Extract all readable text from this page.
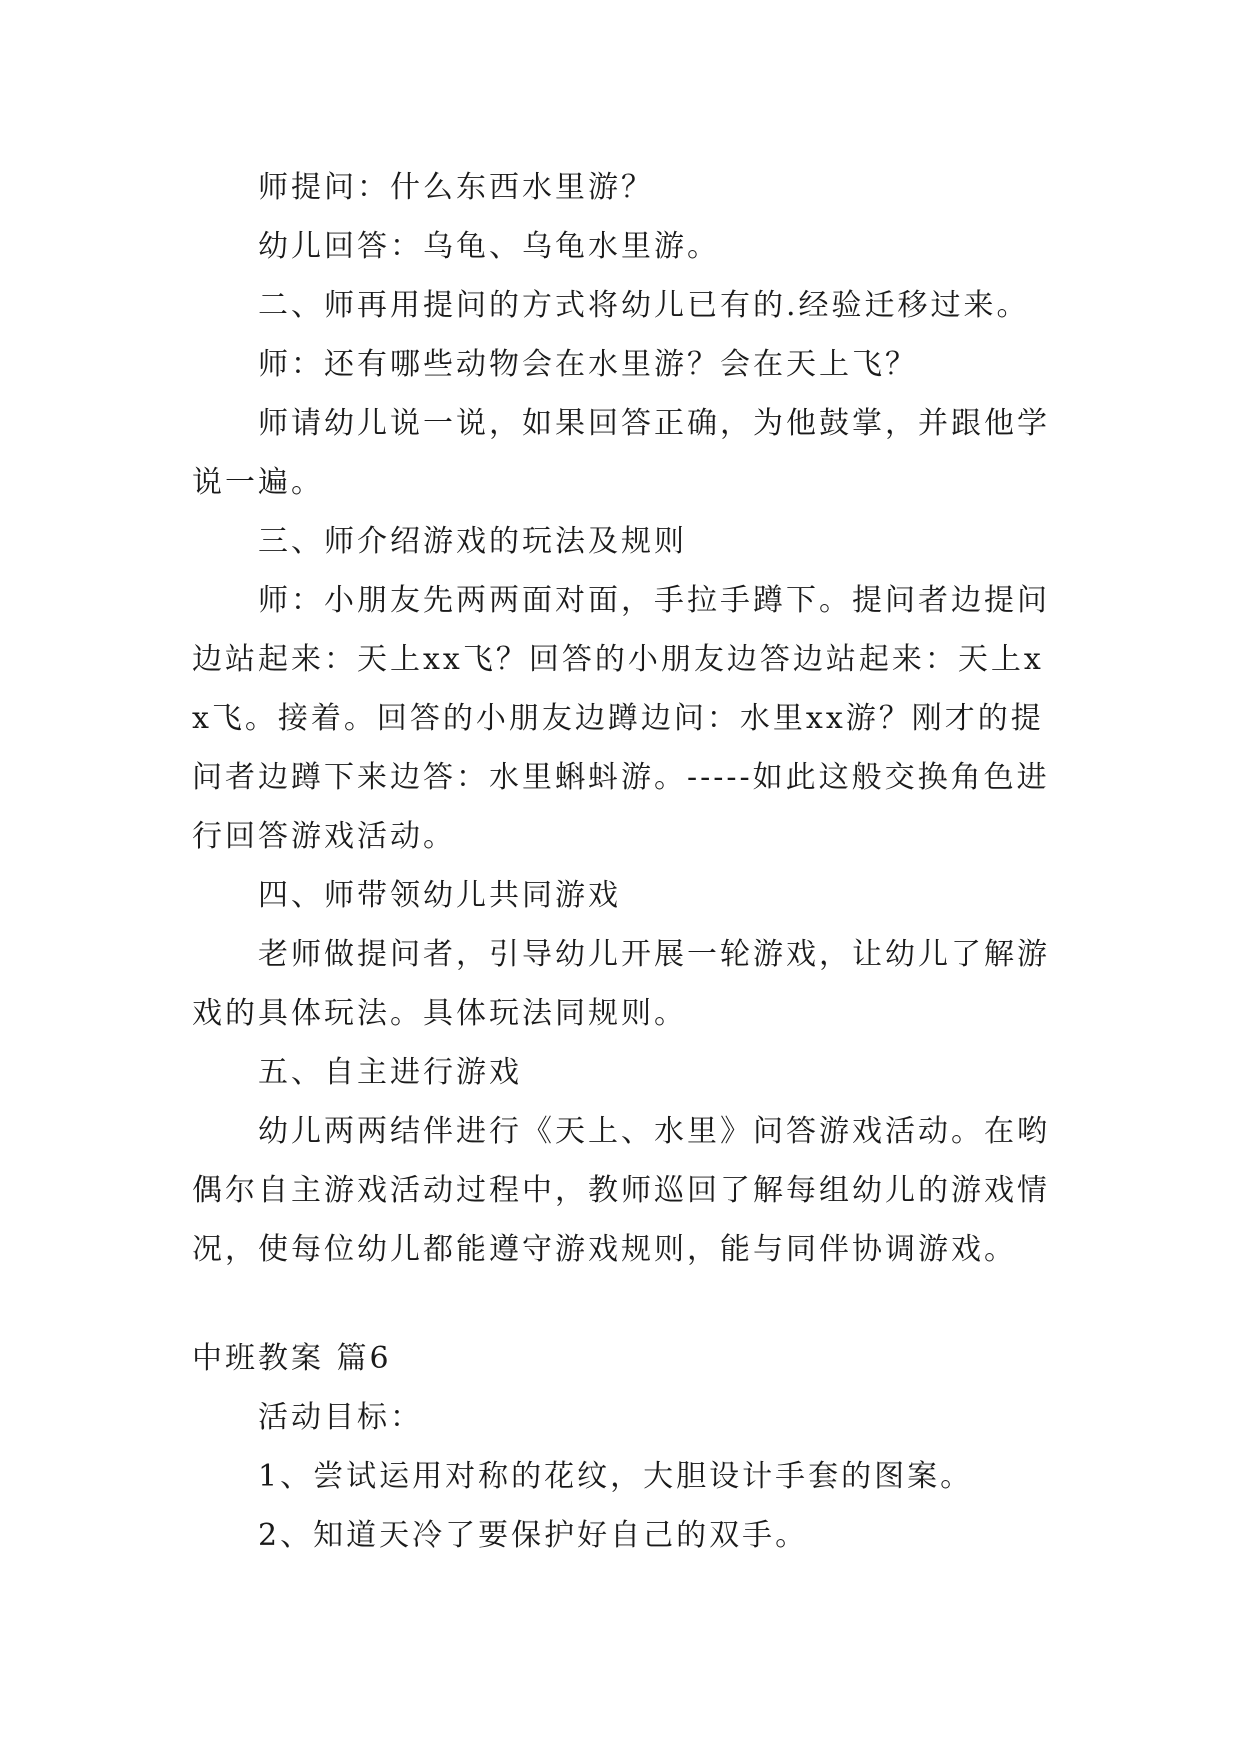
师提问：什么东西水里游？

幼儿回答：乌龟、乌龟水里游。

二、师再用提问的方式将幼儿已有的.经验迁移过来。

师：还有哪些动物会在水里游？会在天上飞？

师请幼儿说一说，如果回答正确，为他鼓掌，并跟他学说一遍。

三、师介绍游戏的玩法及规则

师：小朋友先两两面对面，手拉手蹲下。提问者边提问边站起来：天上xx飞？回答的小朋友边答边站起来：天上xx飞。接着。回答的小朋友边蹲边问：水里xx游？刚才的提问者边蹲下来边答：水里蝌蚪游。-----如此这般交换角色进行回答游戏活动。

四、师带领幼儿共同游戏

老师做提问者，引导幼儿开展一轮游戏，让幼儿了解游戏的具体玩法。具体玩法同规则。

五、自主进行游戏

幼儿两两结伴进行《天上、水里》问答游戏活动。在哟偶尔自主游戏活动过程中，教师巡回了解每组幼儿的游戏情况，使每位幼儿都能遵守游戏规则，能与同伴协调游戏。

中班教案 篇6

活动目标：

1、尝试运用对称的花纹，大胆设计手套的图案。

2、知道天冷了要保护好自己的双手。
